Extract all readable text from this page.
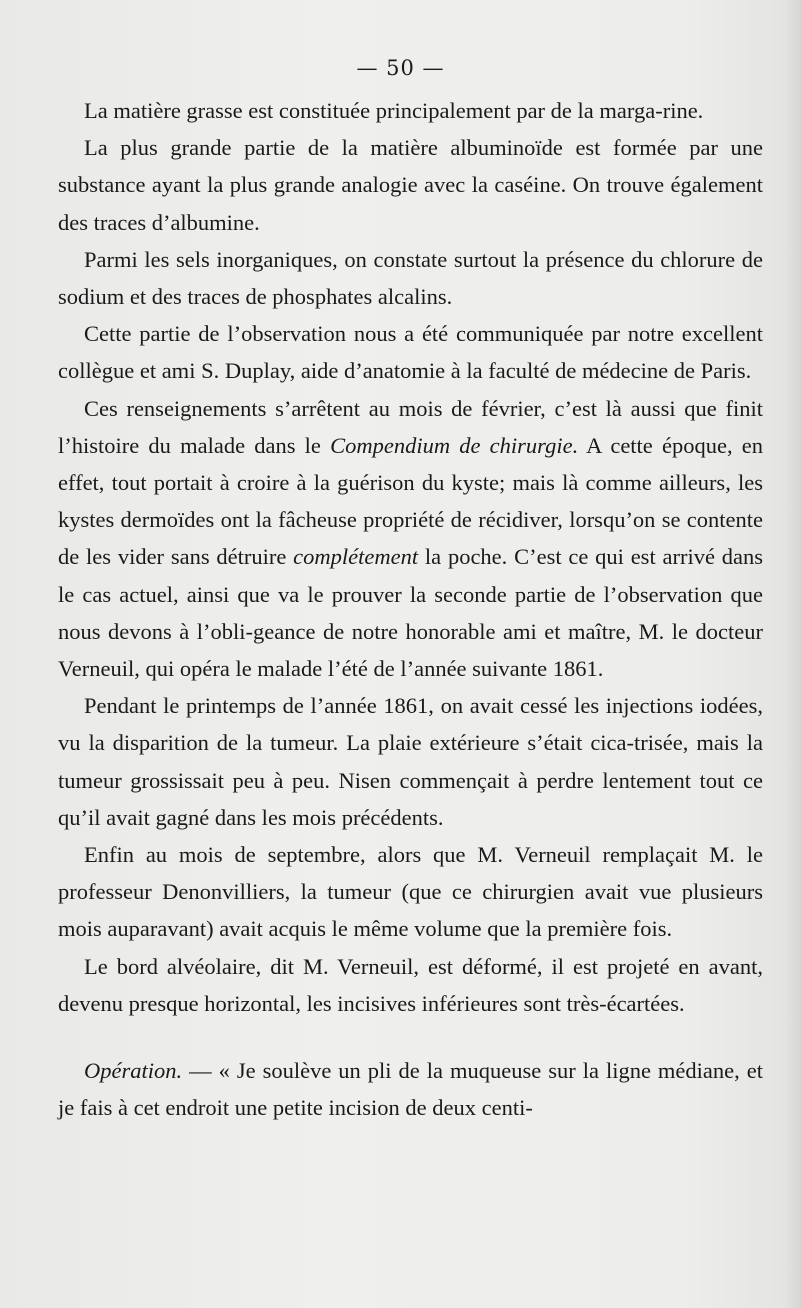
— 50 —

La matière grasse est constituée principalement par de la marga-rine.

La plus grande partie de la matière albuminoïde est formée par une substance ayant la plus grande analogie avec la caséine. On trouve également des traces d’albumine.

Parmi les sels inorganiques, on constate surtout la présence du chlorure de sodium et des traces de phosphates alcalins.

Cette partie de l’observation nous a été communiquée par notre excellent collègue et ami S. Duplay, aide d’anatomie à la faculté de médecine de Paris.

Ces renseignements s’arrêtent au mois de février, c’est là aussi que finit l’histoire du malade dans le Compendium de chirurgie. A cette époque, en effet, tout portait à croire à la guérison du kyste; mais là comme ailleurs, les kystes dermoïdes ont la fâcheuse propriété de récidiver, lorsqu’on se contente de les vider sans détruire complétement la poche. C’est ce qui est arrivé dans le cas actuel, ainsi que va le prouver la seconde partie de l’observation que nous devons à l’obli-geance de notre honorable ami et maître, M. le docteur Verneuil, qui opéra le malade l’été de l’année suivante 1861.

Pendant le printemps de l’année 1861, on avait cessé les injections iodées, vu la disparition de la tumeur. La plaie extérieure s’était cica-trisée, mais la tumeur grossissait peu à peu. Nisen commençait à perdre lentement tout ce qu’il avait gagné dans les mois précédents.

Enfin au mois de septembre, alors que M. Verneuil remplaçait M. le professeur Denonvilliers, la tumeur (que ce chirurgien avait vue plusieurs mois auparavant) avait acquis le même volume que la première fois.

Le bord alvéolaire, dit M. Verneuil, est déformé, il est projeté en avant, devenu presque horizontal, les incisives inférieures sont très-écartées.

Opération. — « Je soulève un pli de la muqueuse sur la ligne médiane, et je fais à cet endroit une petite incision de deux centi-
